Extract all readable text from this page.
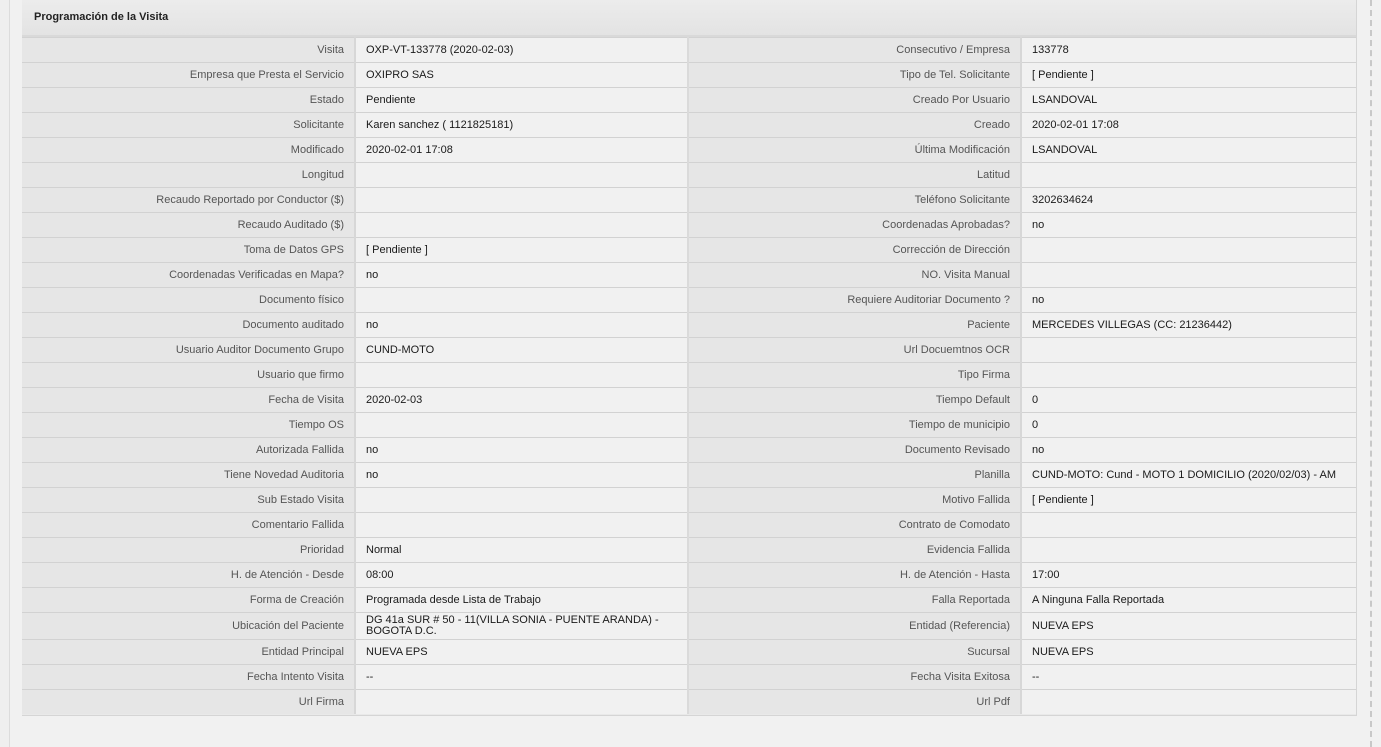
Programación de la Visita
Visita	OXP-VT-133778 (2020-02-03)	Consecutivo / Empresa	133778
Empresa que Presta el Servicio	OXIPRO SAS	Tipo de Tel. Solicitante	[ Pendiente ]
Estado	Pendiente	Creado Por Usuario	LSANDOVAL
Solicitante	Karen sanchez ( 1121825181)	Creado	2020-02-01 17:08
Modificado	2020-02-01 17:08	Última Modificación	LSANDOVAL
Longitud		Latitud	
Recaudo Reportado por Conductor ($)		Teléfono Solicitante	3202634624
Recaudo Auditado ($)		Coordenadas Aprobadas?	no
Toma de Datos GPS	[ Pendiente ]	Corrección de Dirección	
Coordenadas Verificadas en Mapa?	no	NO. Visita Manual	
Documento físico		Requiere Auditoriar Documento ?	no
Documento auditado	no	Paciente	MERCEDES VILLEGAS (CC: 21236442)
Usuario Auditor Documento Grupo	CUND-MOTO	Url Docuemtnos OCR	
Usuario que firmo		Tipo Firma	
Fecha de Visita	2020-02-03	Tiempo Default	0
Tiempo OS		Tiempo de municipio	0
Autorizada Fallida	no	Documento Revisado	no
Tiene Novedad Auditoria	no	Planilla	CUND-MOTO: Cund - MOTO 1 DOMICILIO (2020/02/03) - AM
Sub Estado Visita		Motivo Fallida	[ Pendiente ]
Comentario Fallida		Contrato de Comodato	
Prioridad	Normal	Evidencia Fallida	
H. de Atención - Desde	08:00	H. de Atención - Hasta	17:00
Forma de Creación	Programada desde Lista de Trabajo	Falla Reportada	A Ninguna Falla Reportada
Ubicación del Paciente	DG 41a SUR # 50 - 11(VILLA SONIA - PUENTE ARANDA) - BOGOTA D.C.	Entidad (Referencia)	NUEVA EPS
Entidad Principal	NUEVA EPS	Sucursal	NUEVA EPS
Fecha Intento Visita	--	Fecha Visita Exitosa	--
Url Firma		Url Pdf	
